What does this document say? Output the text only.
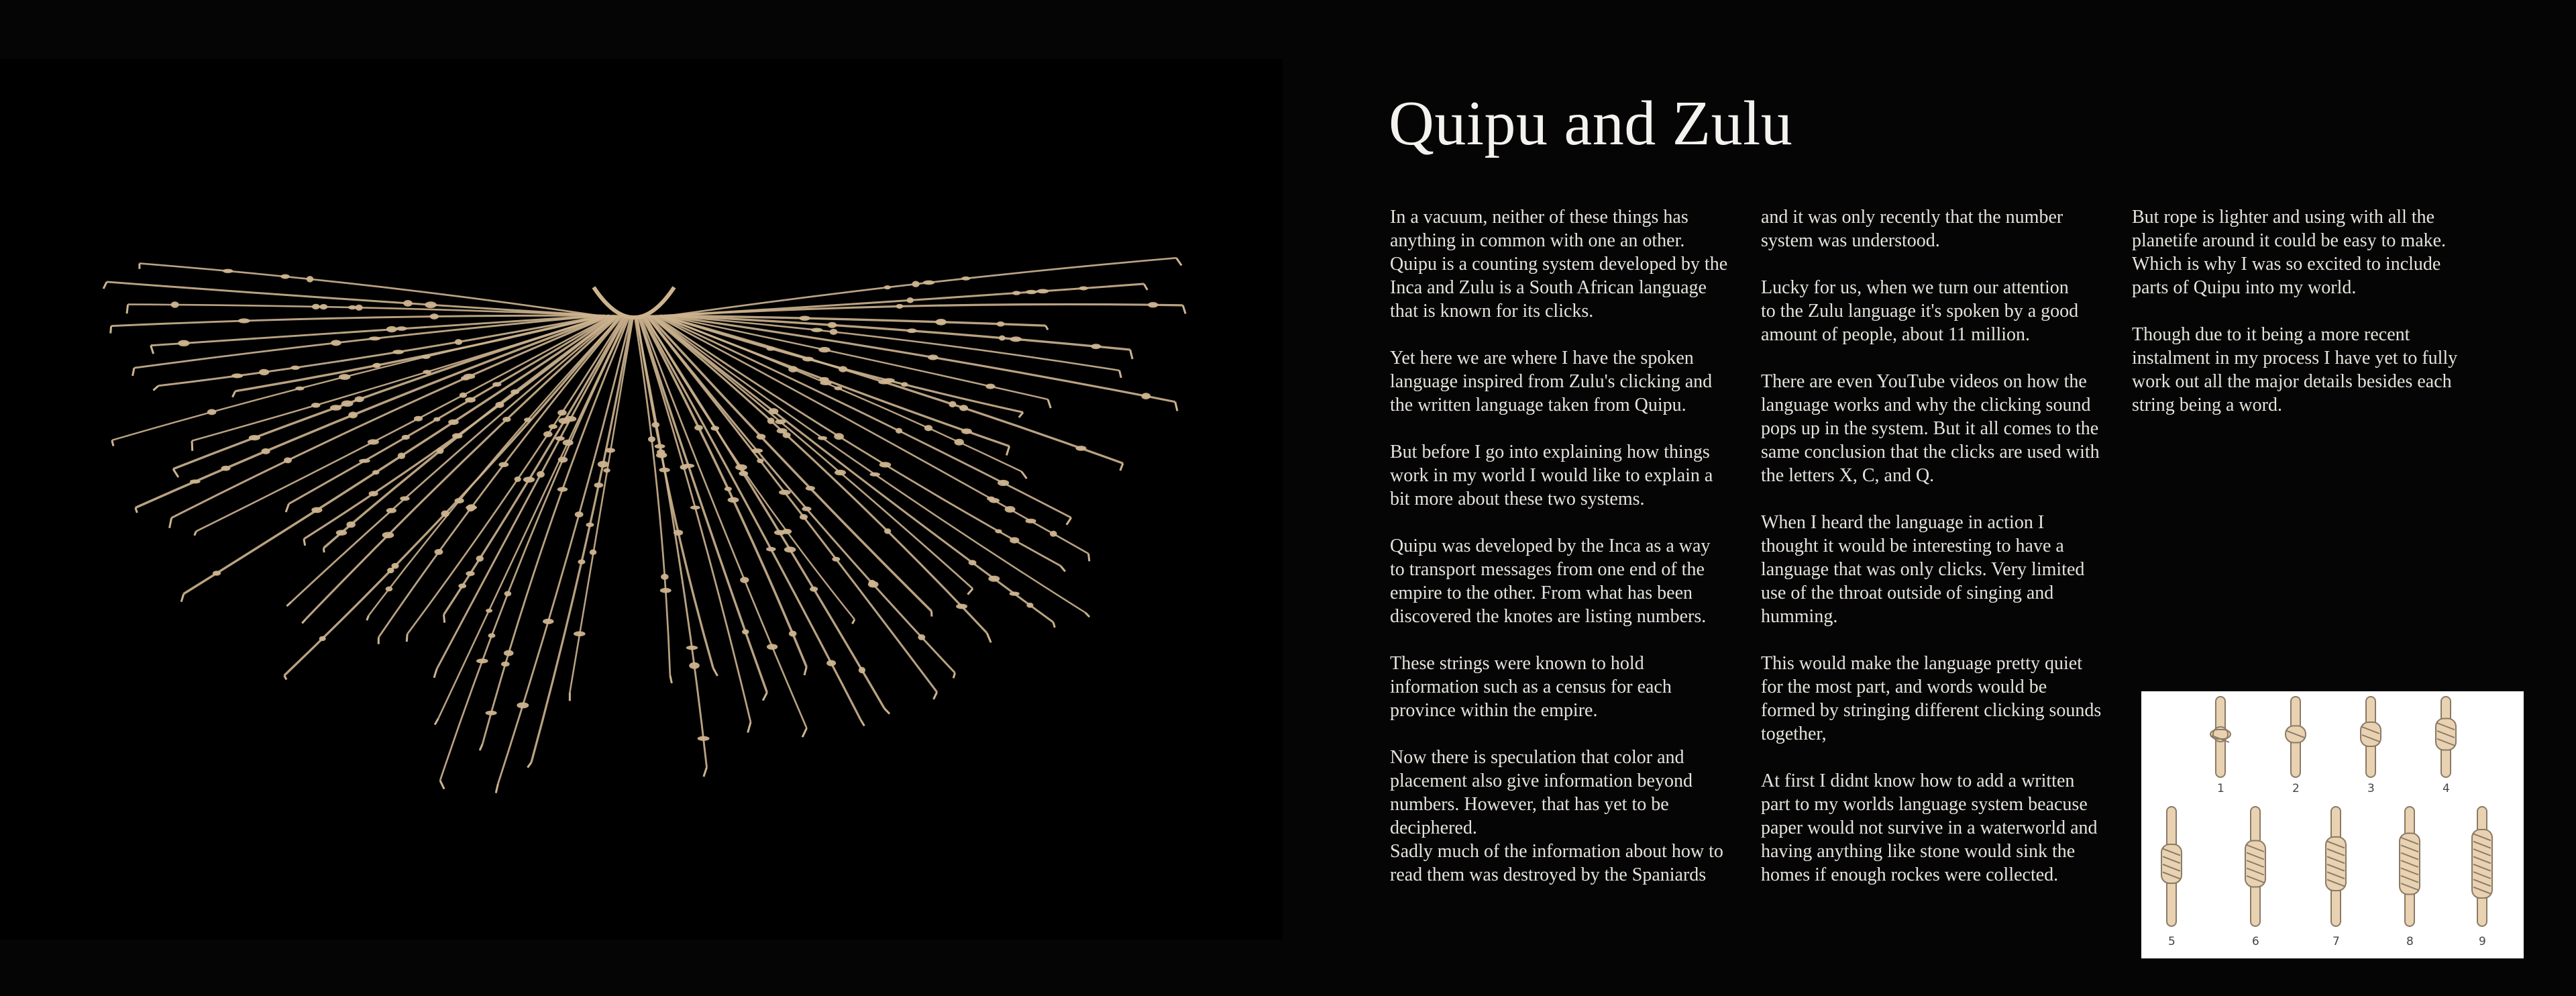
Quipu and Zulu

In a vacuum, neither of these things has
anything in common with one an other.
Quipu is a counting system developed by the
Inca and Zulu is a South African language
that is known for its clicks.

Yet here we are where I have the spoken
language inspired from Zulu's clicking and
the written language taken from Quipu.

But before I go into explaining how things
work in my world I would like to explain a
bit more about these two systems.

Quipu was developed by the Inca as a way
to transport messages from one end of the
empire to the other. From what has been
discovered the knotes are listing numbers.

These strings were known to hold
information such as a census for each
province within the empire.

Now there is speculation that color and
placement also give information beyond
numbers. However, that has yet to be
deciphered.
Sadly much of the information about how to
read them was destroyed by the Spaniards

and it was only recently that the number
system was understood.

Lucky for us, when we turn our attention
to the Zulu language it's spoken by a good
amount of people, about 11 million.

There are even YouTube videos on how the
language works and why the clicking sound
pops up in the system. But it all comes to the
same conclusion that the clicks are used with
the letters X, C, and Q.

When I heard the language in action I
thought it would be interesting to have a
language that was only clicks. Very limited
use of the throat outside of singing and
humming.

This would make the language pretty quiet
for the most part, and words would be
formed by stringing different clicking sounds
together,

At first I didnt know how to add a written
part to my worlds language system beacuse
paper would not survive in a waterworld and
having anything like stone would sink the
homes if enough rockes were collected.

But rope is lighter and using with all the
planetife around it could be easy to make.
Which is why I was so excited to include
parts of Quipu into my world.

Though due to it being a more recent
instalment in my process I have yet to fully
work out all the major details besides each
string being a word.

1	2	3	4
5	6	7	8	9
